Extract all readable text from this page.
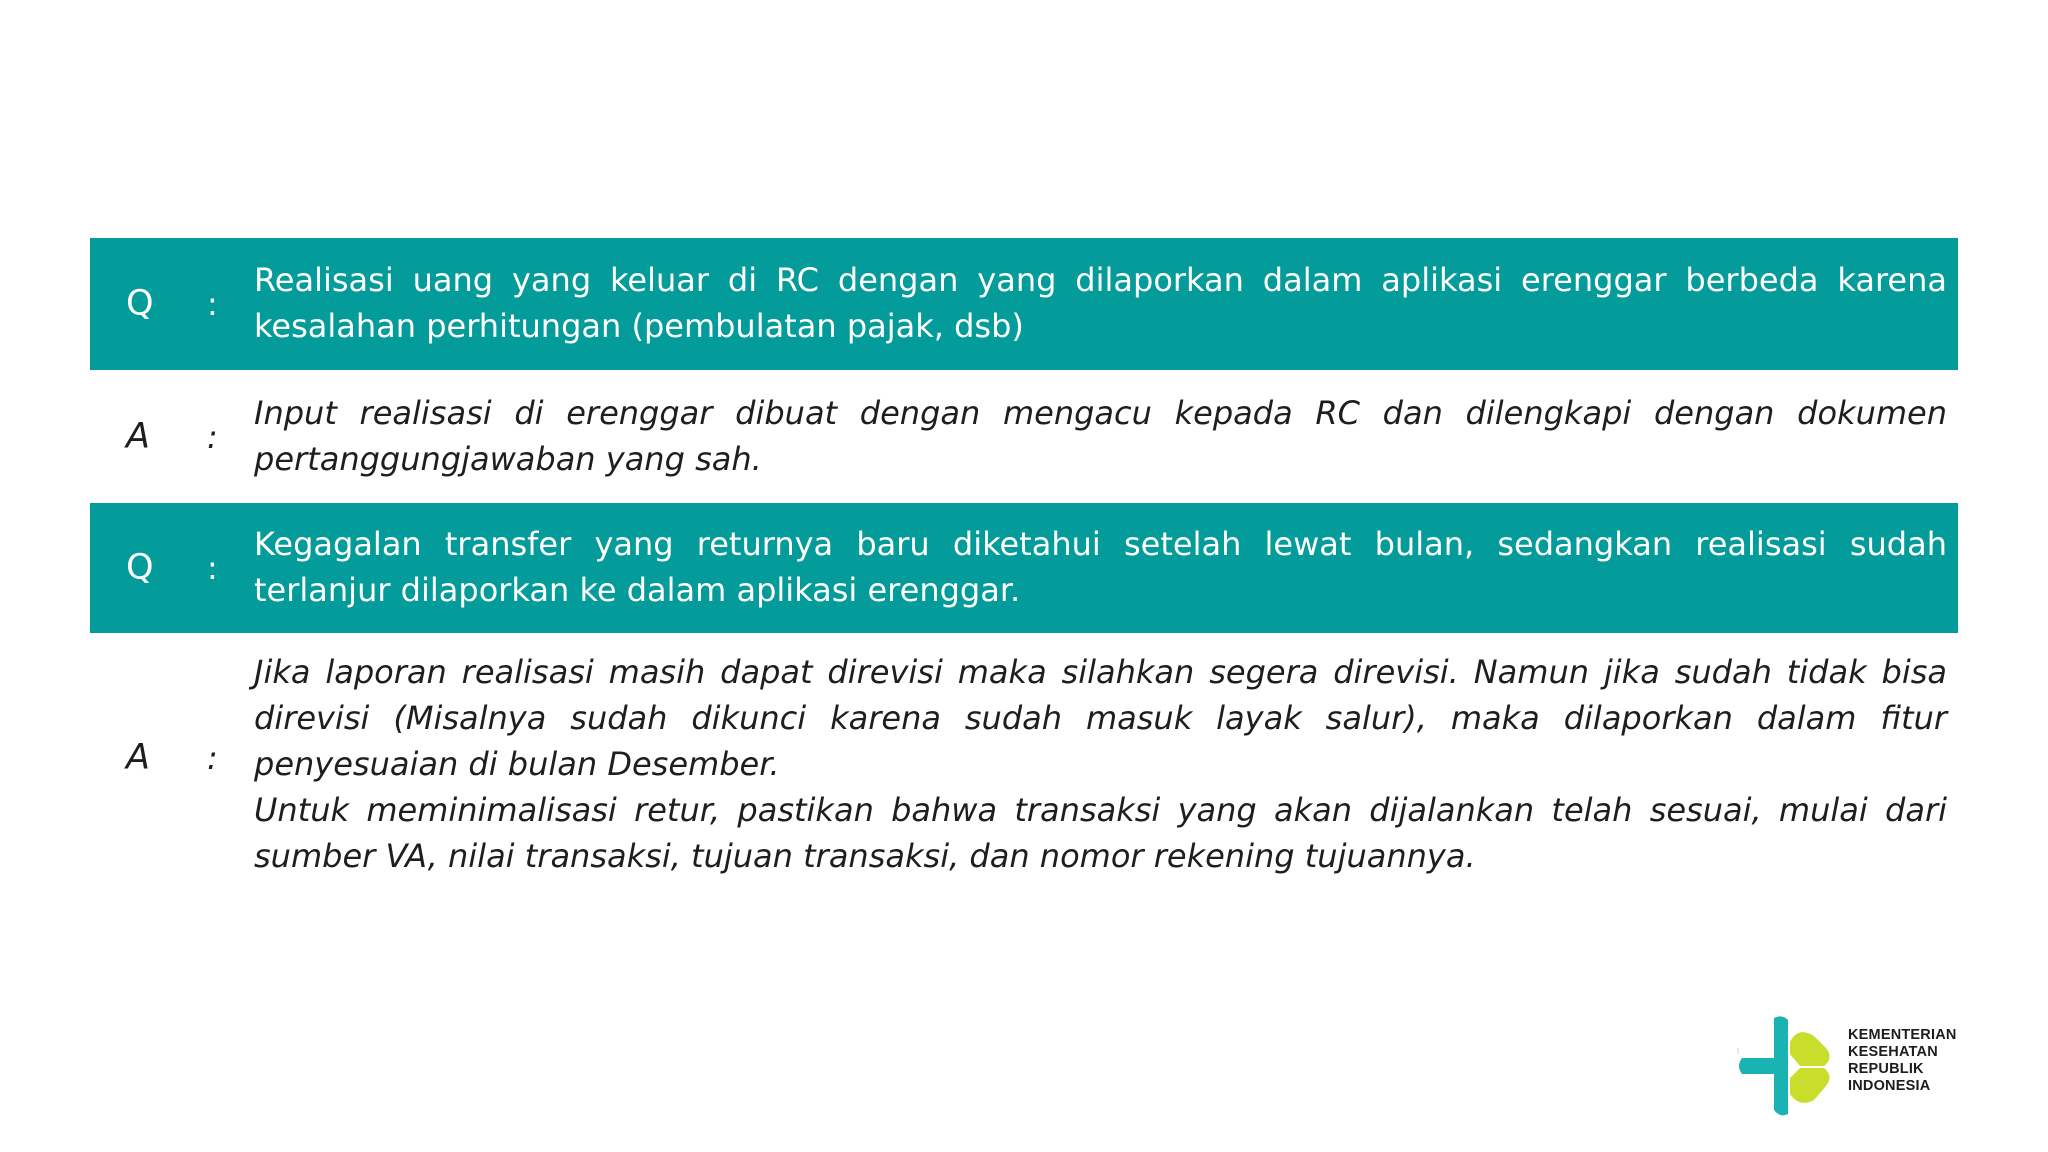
Q :
Realisasi uang yang keluar di RC dengan yang dilaporkan dalam aplikasi erenggar berbeda karena kesalahan perhitungan (pembulatan pajak, dsb)
A :
Input realisasi di erenggar dibuat dengan mengacu kepada RC dan dilengkapi dengan dokumen pertanggungjawaban yang sah.
Q :
Kegagalan transfer yang returnya baru diketahui setelah lewat bulan, sedangkan realisasi sudah terlanjur dilaporkan ke dalam aplikasi erenggar.
A :
Jika laporan realisasi masih dapat direvisi maka silahkan segera direvisi. Namun jika sudah tidak bisa direvisi (Misalnya sudah dikunci karena sudah masuk layak salur), maka dilaporkan dalam fitur penyesuaian di bulan Desember.
Untuk meminimalisasi retur, pastikan bahwa transaksi yang akan dijalankan telah sesuai, mulai dari sumber VA, nilai transaksi, tujuan transaksi, dan nomor rekening tujuannya.
KEMENTERIAN
KESEHATAN
REPUBLIK
INDONESIA
